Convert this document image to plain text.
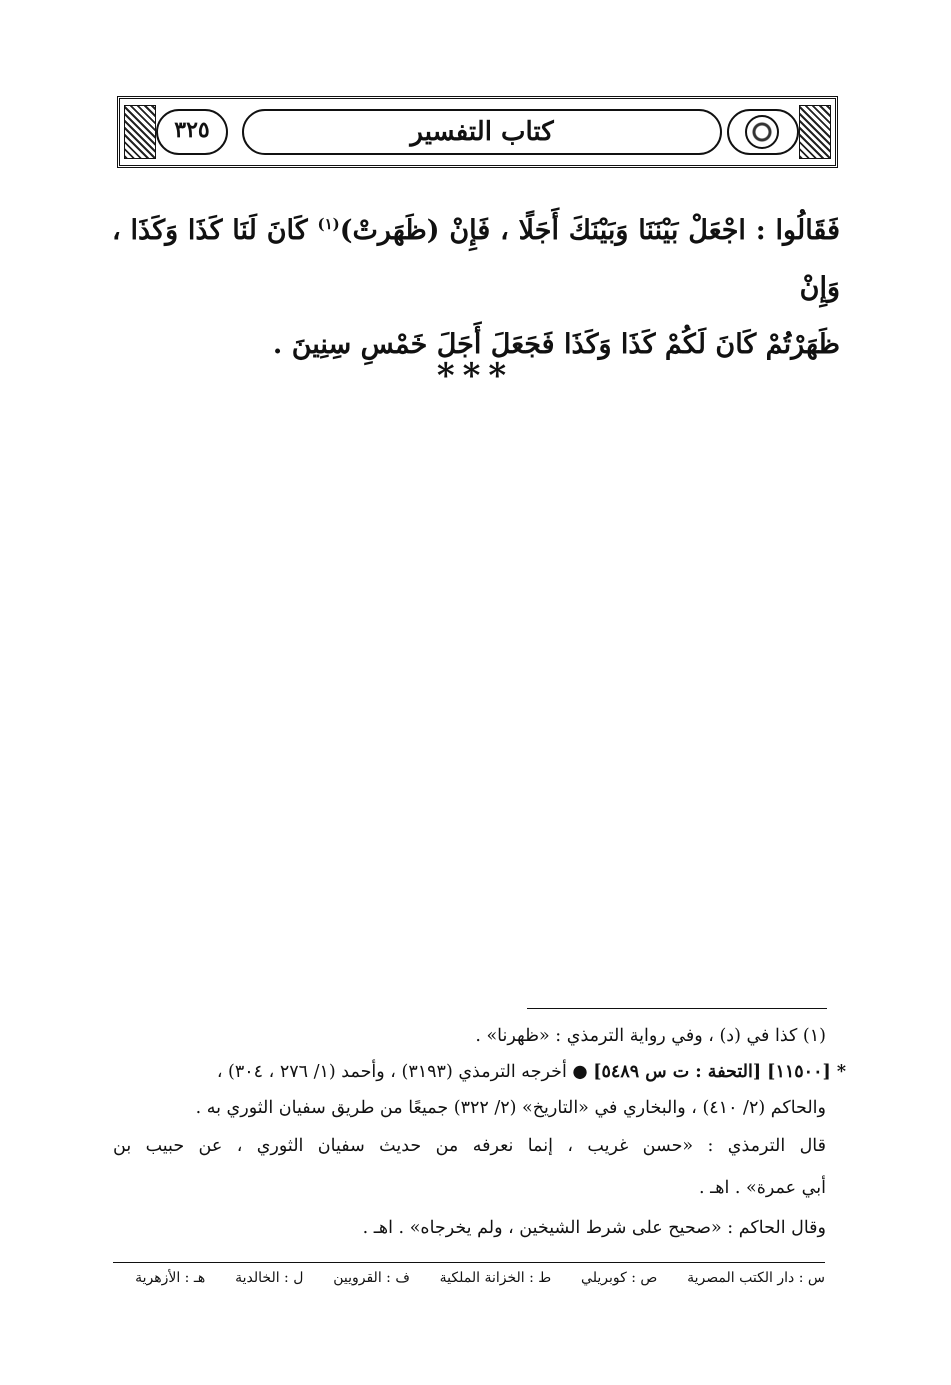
٣٢٥	كتاب التفسير
فَقَالُوا : اجْعَلْ بَيْنَنَا وَبَيْنَكَ أَجَلًا ، فَإِنْ (ظَهَرتْ)$^{(١)}$ كَانَ لَنَا كَذَا وَكَذَا ، وَإِنْ
ظَهَرْتُمْ كَانَ لَكُمْ كَذَا وَكَذَا فَجَعَلَ أَجَلَ خَمْسِ سِنِينَ .
***
(١) كذا في (د) ، وفي رواية الترمذي : «ظهرنا» .
* [١١٥٠٠] [التحفة : ت س ٥٤٨٩] ● أخرجه الترمذي (٣١٩٣) ، وأحمد (١/ ٢٧٦ ، ٣٠٤) ،
والحاكم (٢/ ٤١٠) ، والبخاري في «التاريخ» (٢/ ٣٢٢) جميعًا من طريق سفيان الثوري به .
قال الترمذي : «حسن غريب ، إنما نعرفه من حديث سفيان الثوري ، عن حبيب بن
أبي عمرة» . اهـ .
وقال الحاكم : «صحيح على شرط الشيخين ، ولم يخرجاه» . اهـ .
س : دار الكتب المصرية
ص : كوبريلي
ط : الخزانة الملكية
ف : القرويين
ل : الخالدية
هـ : الأزهرية
